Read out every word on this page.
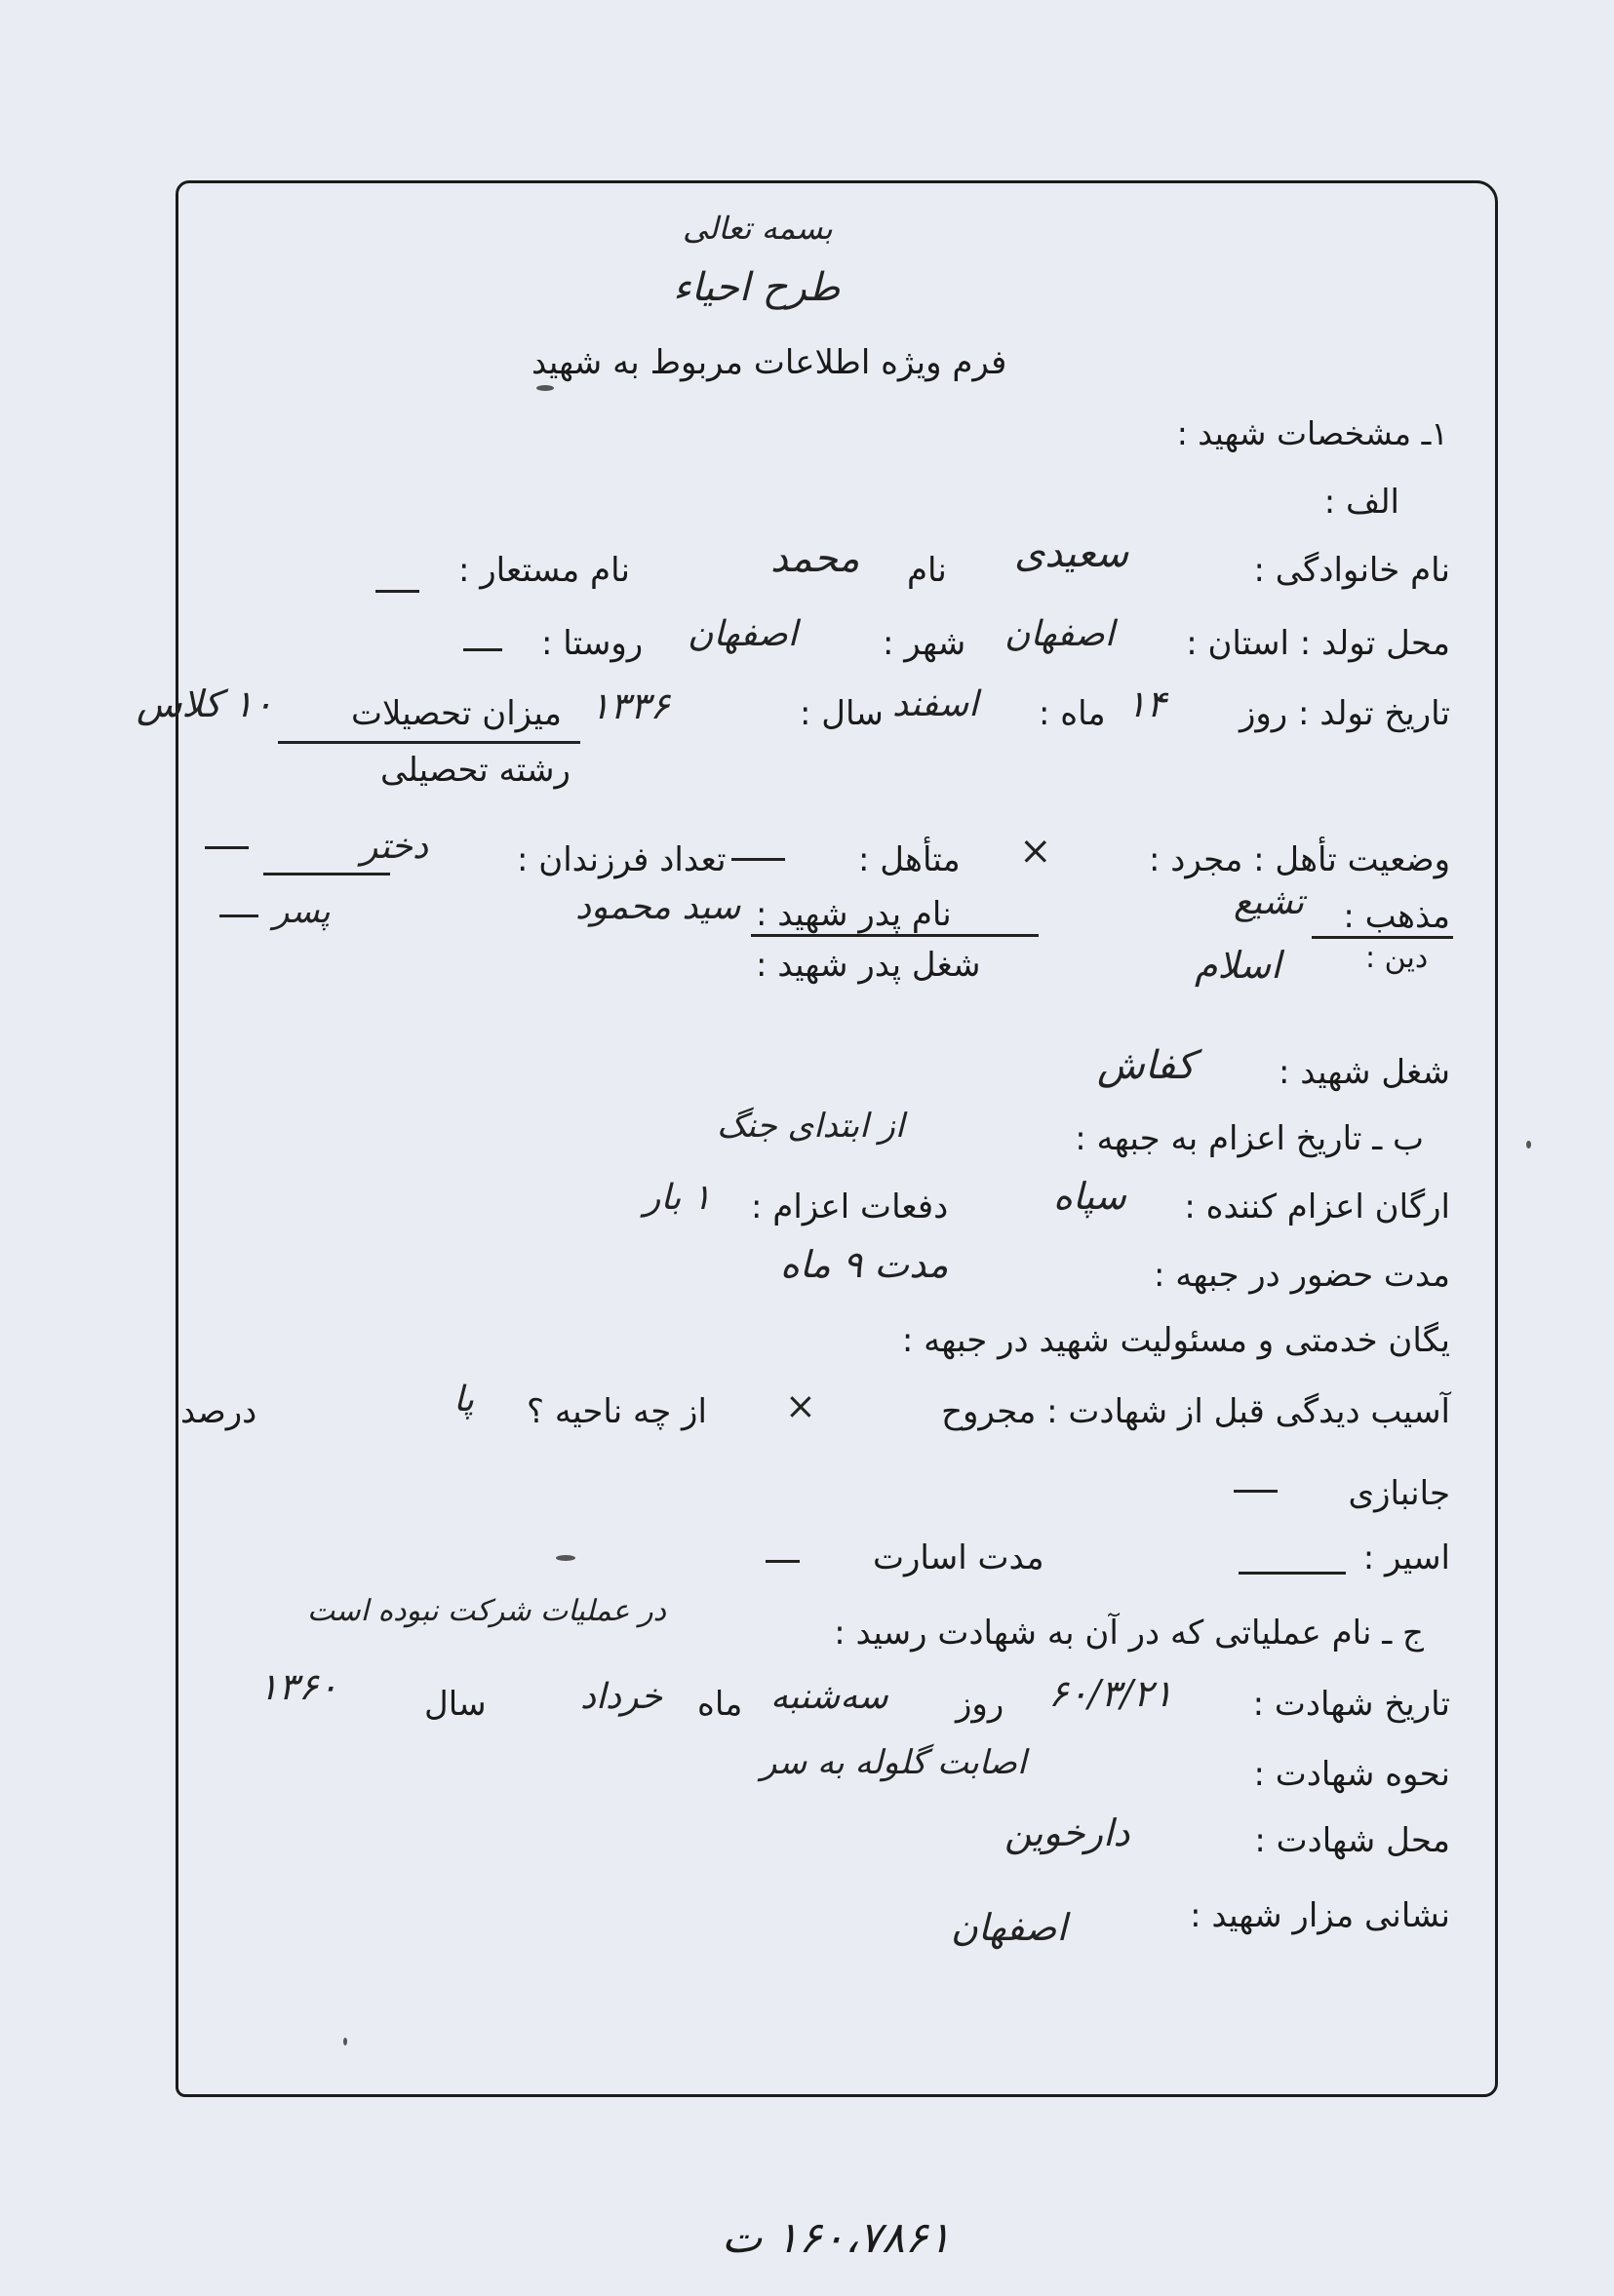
بسمه تعالی
طرح احیاء
فرم ویژه اطلاعات مربوط به شهید
۱ـ مشخصات شهید :
الف :
نام خانوادگی :
سعیدی
نام
محمد
نام مستعار :
محل تولد : استان :
اصفهان
شهر :
اصفهان
روستا :
تاریخ تولد : روز
۱۴
ماه :
اسفند
سال :
۱۳۳۶
میزان تحصیلات
۱۰ کلاس
رشته تحصیلی
وضعیت تأهل : مجرد :
×
متأهل :
تعداد فرزندان :
دختر
پسر	مذهب :
تشیع
نام پدر شهید :
سید محمود
دین :
اسلام
شغل پدر شهید :
شغل شهید :
کفاش
ب ـ تاریخ اعزام به جبهه :
از ابتدای جنگ
ارگان اعزام کننده :
سپاه
دفعات اعزام :
۱ بار
مدت حضور در جبهه :
مدت ۹ ماه
یگان خدمتی و مسئولیت شهید در جبهه :
آسیب دیدگی قبل از شهادت : مجروح
×
از چه ناحیه ؟
پا
درصد
جانبازی
اسیر :
مدت اسارت
ج ـ نام عملیاتی که در آن به شهادت رسید :
در عملیات شرکت نبوده است
تاریخ شهادت :
۶۰/۳/۲۱
روز
سه‌شنبه
ماه
خرداد
سال
۱۳۶۰
نحوه شهادت :
اصابت گلوله به سر
محل شهادت :
دارخوین
نشانی مزار شهید :
اصفهان
۱۶۰،۷۸۶۱ ت
